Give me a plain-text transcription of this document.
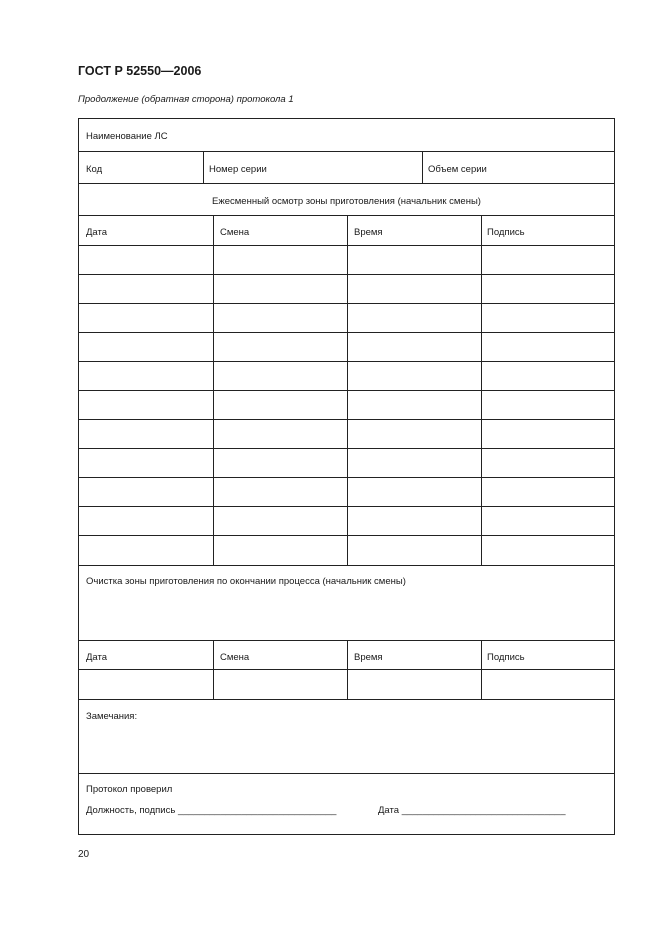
ГОСТ Р 52550—2006
Продолжение (обратная сторона) протокола 1
Наименование ЛС
Код	Номер серии	Объем серии
Ежесменный осмотр зоны приготовления (начальник смены)
Дата	Смена	Время	Подпись
Очистка зоны приготовления по окончании процесса (начальник смены)
Дата	Смена	Время	Подпись
Замечания:
Протокол проверил
Должность, подпись ______________________________	Дата _______________________________
20
